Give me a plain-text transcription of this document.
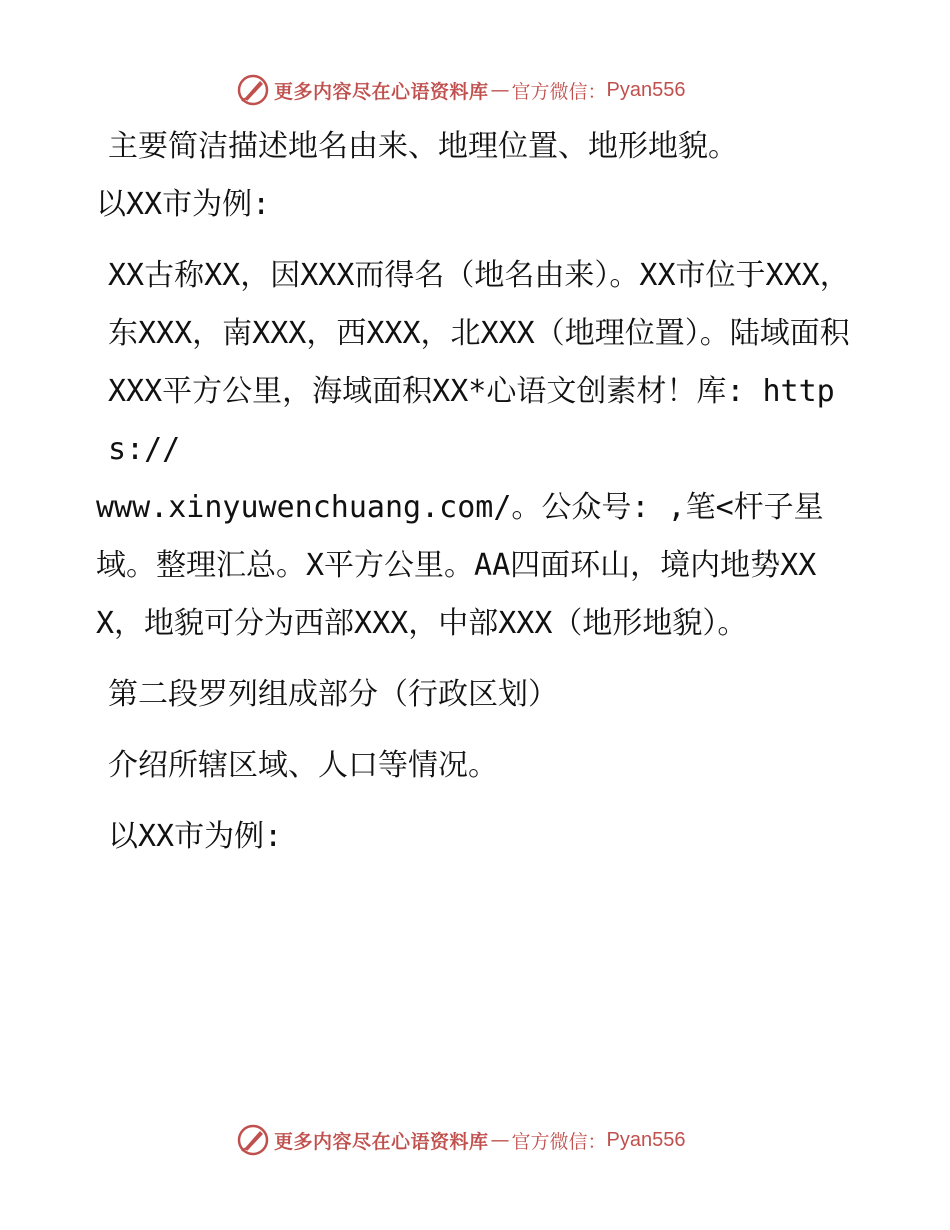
更多内容尽在心语资料库 — 官方微信： Pyan556

主要简洁描述地名由来、地理位置、地形地貌。

以XX市为例:

XX古称XX，因XXX而得名（地名由来）。XX市位于XXX，东XXX，南XXX，西XXX，北XXX（地理位置）。陆域面积XXX平方公里，海域面积XX*心语文创素材！库: https://

www.xinyuwenchuang.com/。公众号: ,笔<杆子星域。整理汇总。X平方公里。AA四面环山，境内地势XXX，地貌可分为西部XXX，中部XXX（地形地貌）。

第二段罗列组成部分（行政区划）

介绍所辖区域、人口等情况。

以XX市为例:

更多内容尽在心语资料库 — 官方微信： Pyan556
